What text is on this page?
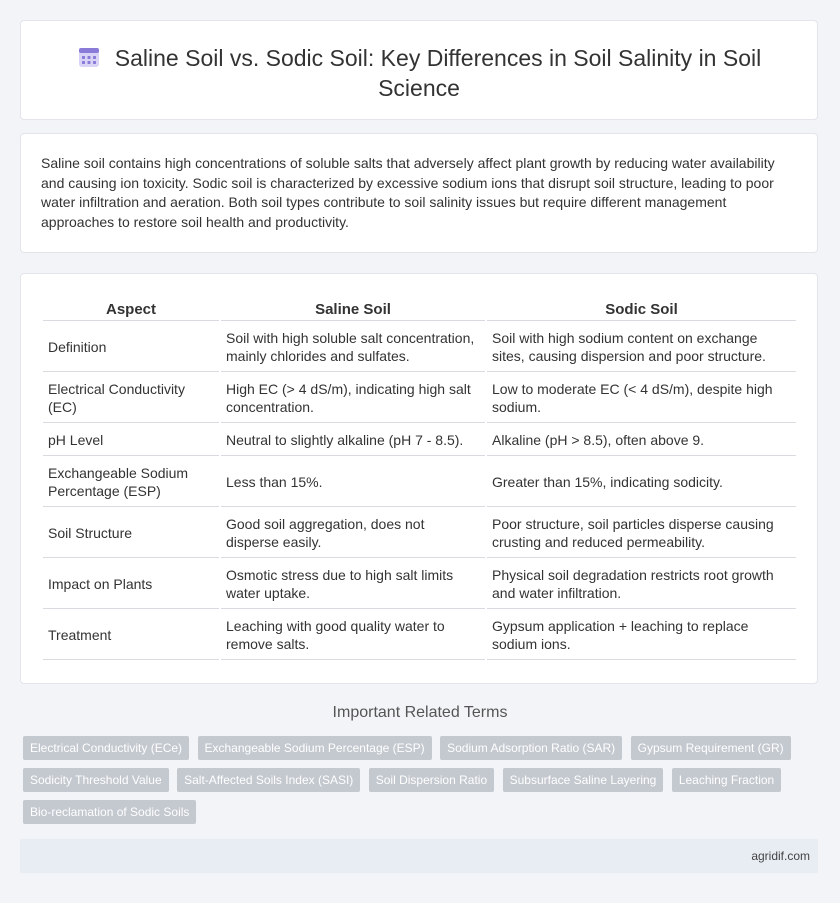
Saline Soil vs. Sodic Soil: Key Differences in Soil Salinity in Soil Science

Saline soil contains high concentrations of soluble salts that adversely affect plant growth by reducing water availability and causing ion toxicity. Sodic soil is characterized by excessive sodium ions that disrupt soil structure, leading to poor water infiltration and aeration. Both soil types contribute to soil salinity issues but require different management approaches to restore soil health and productivity.

Aspect	Saline Soil	Sodic Soil
Definition	Soil with high soluble salt concentration, mainly chlorides and sulfates.	Soil with high sodium content on exchange sites, causing dispersion and poor structure.
Electrical Conductivity (EC)	High EC (> 4 dS/m), indicating high salt concentration.	Low to moderate EC (< 4 dS/m), despite high sodium.
pH Level	Neutral to slightly alkaline (pH 7 - 8.5).	Alkaline (pH > 8.5), often above 9.
Exchangeable Sodium Percentage (ESP)	Less than 15%.	Greater than 15%, indicating sodicity.
Soil Structure	Good soil aggregation, does not disperse easily.	Poor structure, soil particles disperse causing crusting and reduced permeability.
Impact on Plants	Osmotic stress due to high salt limits water uptake.	Physical soil degradation restricts root growth and water infiltration.
Treatment	Leaching with good quality water to remove salts.	Gypsum application + leaching to replace sodium ions.
Important Related Terms
Electrical Conductivity (ECe) Exchangeable Sodium Percentage (ESP) Sodium Adsorption Ratio (SAR) Gypsum Requirement (GR) Sodicity Threshold Value Salt-Affected Soils Index (SASI) Soil Dispersion Ratio Subsurface Saline Layering Leaching Fraction Bio-reclamation of Sodic Soils
agridif.com
